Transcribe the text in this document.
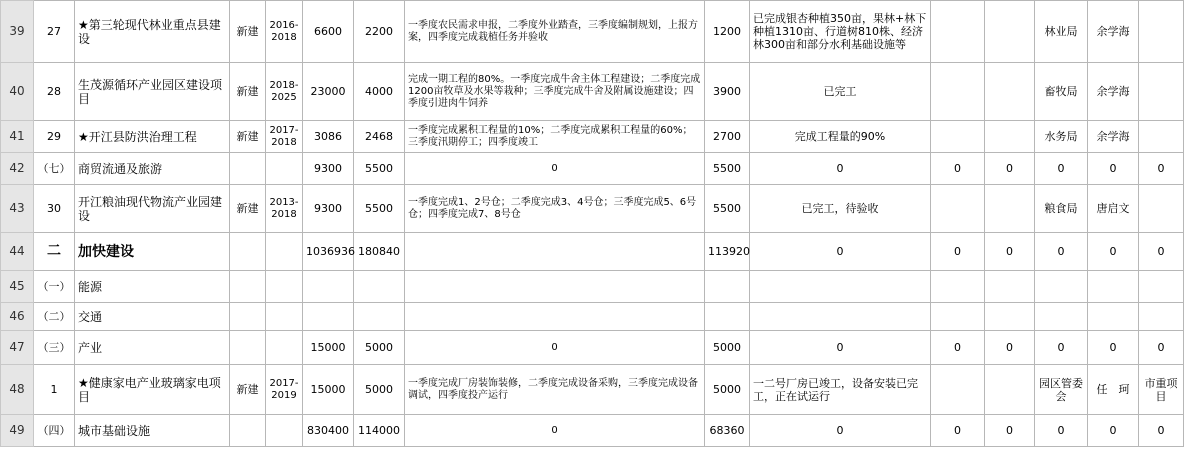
39	27	★第三轮现代林业重点县建设	新建	2016-2018	6600	2200	一季度农民需求申报，二季度外业踏查，三季度编制规划，上报方案，四季度完成栽植任务并验收	1200	已完成银杏种植350亩，果林+林下种植1310亩、行道树810株、经济林300亩和部分水利基础设施等			林业局	余学海	
40	28	生茂源循环产业园区建设项目	新建	2018-2025	23000	4000	完成一期工程的80%。一季度完成牛舍主体工程建设；二季度完成1200亩牧草及水果等栽种；三季度完成牛舍及附属设施建设；四季度引进肉牛饲养	3900	已完工			畜牧局	余学海	
41	29	★开江县防洪治理工程	新建	2017-2018	3086	2468	一季度完成累积工程量的10%；二季度完成累积工程量的60%；三季度汛期停工；四季度竣工	2700	完成工程量的90%			水务局	余学海	
42	（七）	商贸流通及旅游			9300	5500	0	5500	0	0	0	0	0	0
43	30	开江粮油现代物流产业园建设	新建	2013-2018	9300	5500	一季度完成1、2号仓；二季度完成3、4号仓；三季度完成5、6号仓；四季度完成7、8号仓	5500	已完工，待验收			粮食局	唐启文	
44	二	加快建设			1036936	180840		113920	0	0	0	0	0	0
45	（一）	能源												
46	（二）	交通												
47	（三）	产业			15000	5000	0	5000	0	0	0	0	0	0
48	1	★健康家电产业玻璃家电项目	新建	2017-2019	15000	5000	一季度完成厂房装饰装修，二季度完成设备采购，三季度完成设备调试，四季度投产运行	5000	一二号厂房已竣工，设备安装已完工，正在试运行			园区管委会	任　珂	市重项目
49	（四）	城市基础设施			830400	114000	0	68360	0	0	0	0	0	0
